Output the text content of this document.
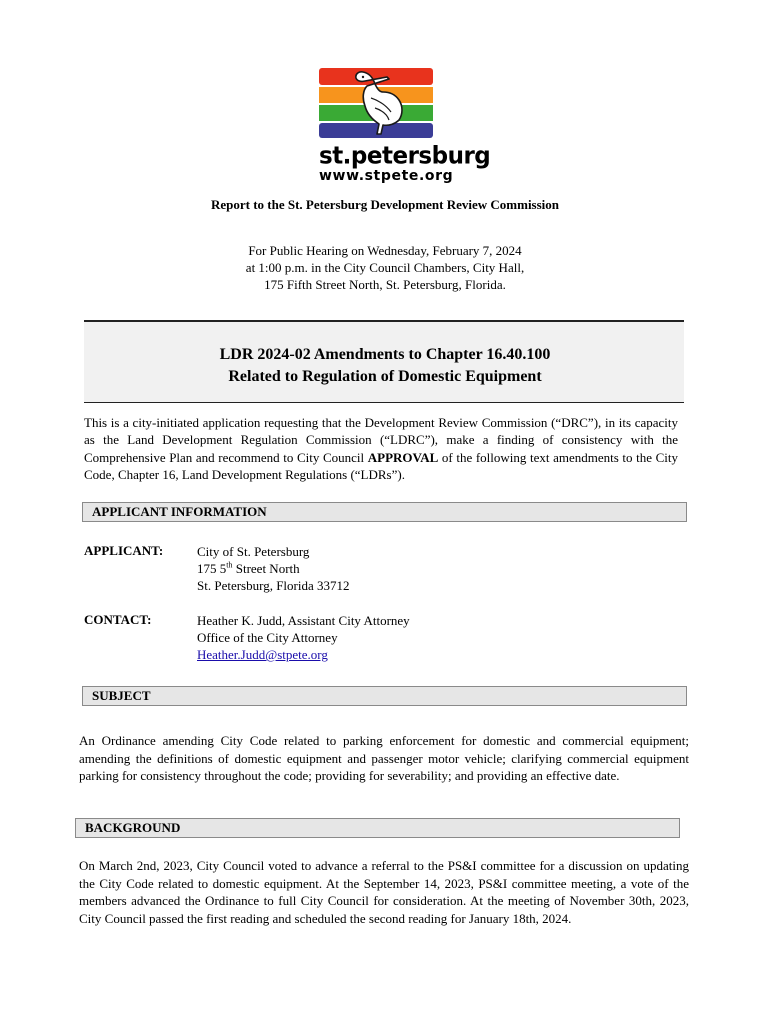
st.petersburg
www.stpete.org
Report to the St. Petersburg Development Review Commission
For Public Hearing on Wednesday, February 7, 2024
at 1:00 p.m. in the City Council Chambers, City Hall,
175 Fifth Street North, St. Petersburg, Florida.
LDR 2024-02 Amendments to Chapter 16.40.100
Related to Regulation of Domestic Equipment
This is a city-initiated application requesting that the Development Review Commission (“DRC”), in its capacity as the Land Development Regulation Commission (“LDRC”), make a finding of consistency with the Comprehensive Plan and recommend to City Council APPROVAL of the following text amendments to the City Code, Chapter 16, Land Development Regulations (“LDRs”).
APPLICANT INFORMATION
APPLICANT:	City of St. Petersburg
175 5th Street North
St. Petersburg, Florida 33712
CONTACT:	Heather K. Judd, Assistant City Attorney
Office of the City Attorney
Heather.Judd@stpete.org
SUBJECT
An Ordinance amending City Code related to parking enforcement for domestic and commercial equipment; amending the definitions of domestic equipment and passenger motor vehicle; clarifying commercial equipment parking for consistency throughout the code; providing for severability; and providing an effective date.
BACKGROUND
On March 2nd, 2023, City Council voted to advance a referral to the PS&I committee for a discussion on updating the City Code related to domestic equipment. At the September 14, 2023, PS&I committee meeting, a vote of the members advanced the Ordinance to full City Council for consideration. At the meeting of November 30th, 2023, City Council passed the first reading and scheduled the second reading for January 18th, 2024.
